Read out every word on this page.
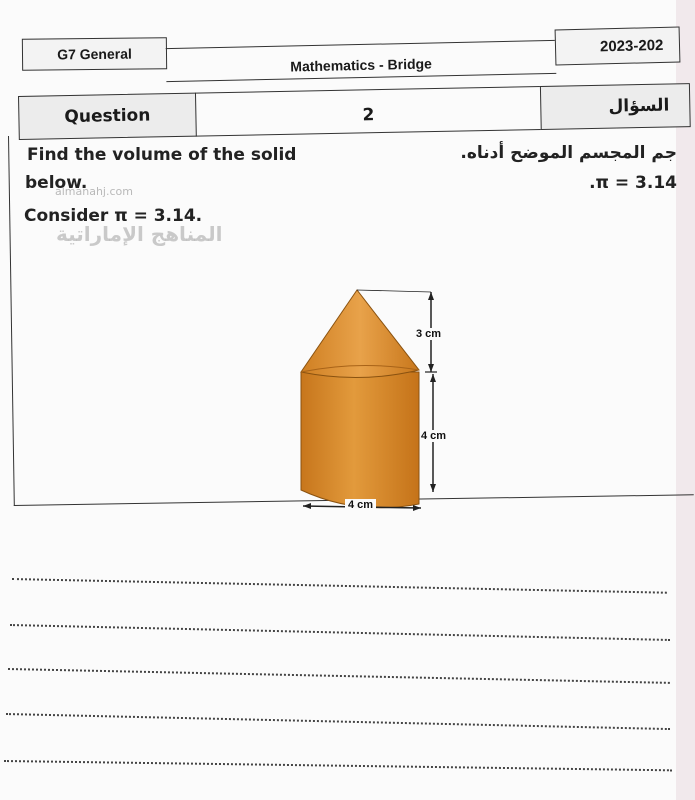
G7 General
Mathematics - Bridge
2023-202
Question	2	السؤال
Find the volume of the solid
below.
Consider π = 3.14.
جم المجسم الموضح أدناه.
.π = 3.14
almanahj.com
المناهج الإماراتية
3 cm
4 cm
4 cm
